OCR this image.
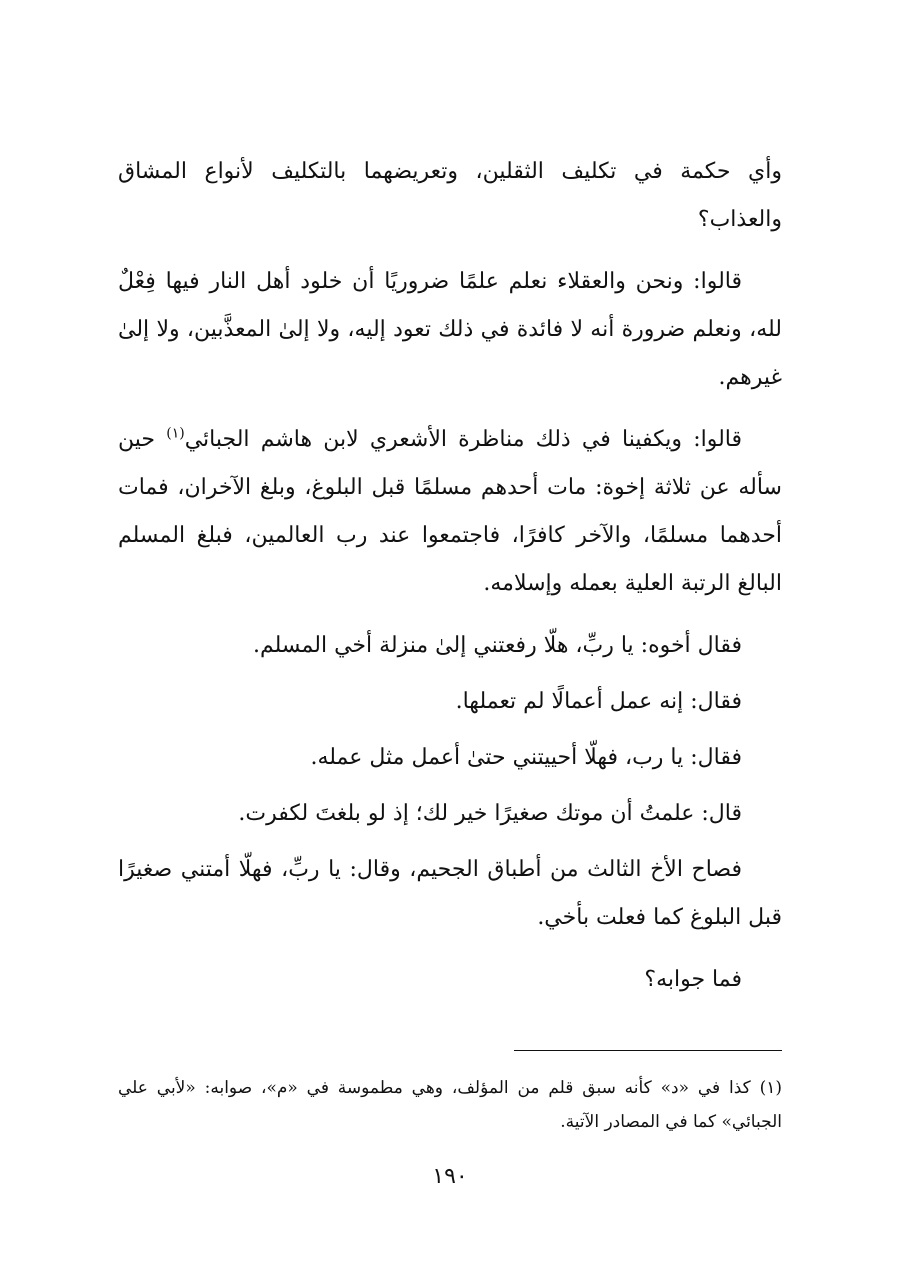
وأي حكمة في تكليف الثقلين، وتعريضهما بالتكليف لأنواع المشاق والعذاب؟

قالوا: ونحن والعقلاء نعلم علمًا ضروريًا أن خلود أهل النار فيها فِعْلٌ لله، ونعلم ضرورة أنه لا فائدة في ذلك تعود إليه، ولا إلىٰ المعذَّبين، ولا إلىٰ غيرهم.

قالوا: ويكفينا في ذلك مناظرة الأشعري لابن هاشم الجبائي$^{(١)}$ حين سأله عن ثلاثة إخوة: مات أحدهم مسلمًا قبل البلوغ، وبلغ الآخران، فمات أحدهما مسلمًا، والآخر كافرًا، فاجتمعوا عند رب العالمين، فبلغ المسلم البالغ الرتبة العلية بعمله وإسلامه.

فقال أخوه: يا ربِّ، هلّا رفعتني إلىٰ منزلة أخي المسلم.

فقال: إنه عمل أعمالًا لم تعملها.

فقال: يا رب، فهلّا أحييتني حتىٰ أعمل مثل عمله.

قال: علمتُ أن موتك صغيرًا خير لك؛ إذ لو بلغتَ لكفرت.

فصاح الأخ الثالث من أطباق الجحيم، وقال: يا ربِّ، فهلّا أمتني صغيرًا قبل البلوغ كما فعلت بأخي.

فما جوابه؟

(١) كذا في «د» كأنه سبق قلم من المؤلف، وهي مطموسة في «م»، صوابه: «لأبي علي الجبائي» كما في المصادر الآتية.

١٩٠
